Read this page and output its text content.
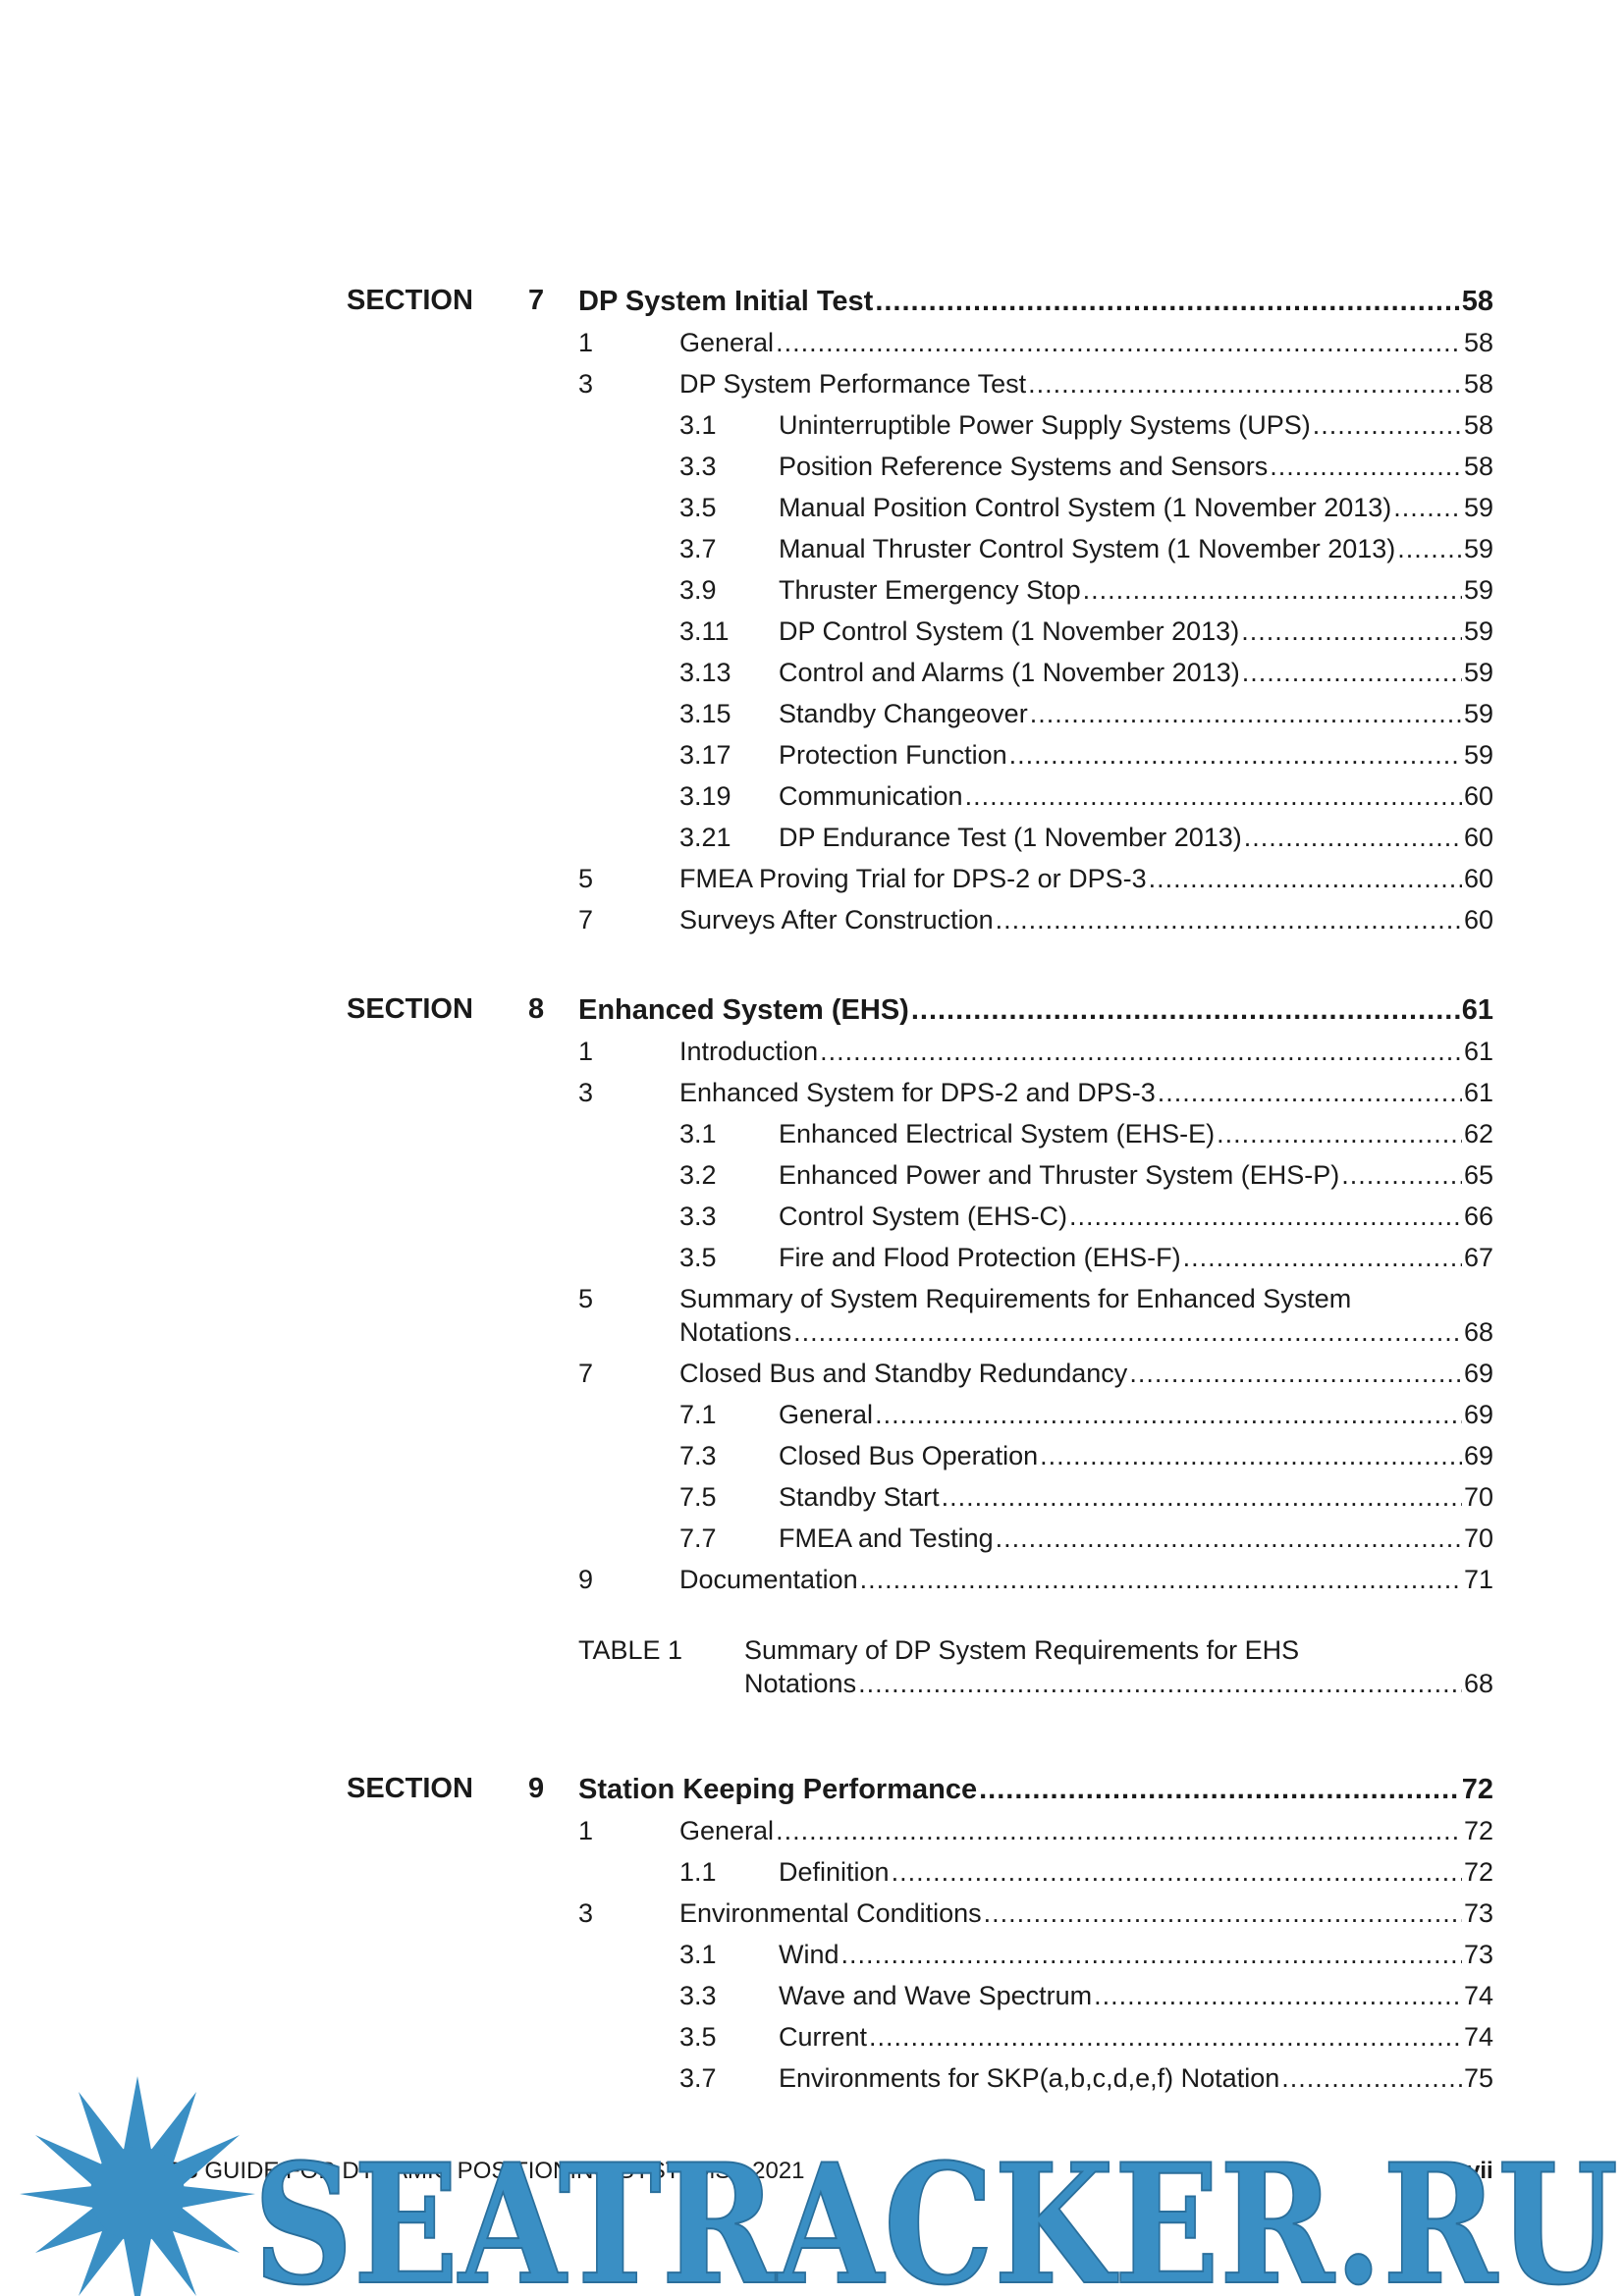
SECTION 7 DP System Initial Test .....	58
1	General .....	58
3	DP System Performance Test .....	58
3.1	Uninterruptible Power Supply Systems (UPS) .....	58
3.3	Position Reference Systems and Sensors .....	58
3.5	Manual Position Control System (1 November 2013) .....	59
3.7	Manual Thruster Control System (1 November 2013) .....	59
3.9	Thruster Emergency Stop .....	59
3.11	DP Control System (1 November 2013) .....	59
3.13	Control and Alarms (1 November 2013) .....	59
3.15	Standby Changeover .....	59
3.17	Protection Function .....	59
3.19	Communication .....	60
3.21	DP Endurance Test (1 November 2013) .....	60
5	FMEA Proving Trial for DPS-2 or DPS-3 .....	60
7	Surveys After Construction .....	60
SECTION 8 Enhanced System (EHS) .....	61
1	Introduction .....	61
3	Enhanced System for DPS-2 and DPS-3 .....	61
3.1	Enhanced Electrical System (EHS-E) .....	62
3.2	Enhanced Power and Thruster System (EHS-P) .....	65
3.3	Control System (EHS-C) .....	66
3.5	Fire and Flood Protection (EHS-F) .....	67
5	Summary of System Requirements for Enhanced System
Notations .....	68
7	Closed Bus and Standby Redundancy .....	69
7.1	General .....	69
7.3	Closed Bus Operation .....	69
7.5	Standby Start .....	70
7.7	FMEA and Testing .....	70
9	Documentation .....	71
TABLE 1 Summary of DP System Requirements for EHS
Notations .....	68
SECTION 9 Station Keeping Performance .....	72
1	General .....	72
1.1	Definition .....	72
3	Environmental Conditions .....	73
3.1	Wind .....	73
3.3	Wave and Wave Spectrum .....	74
3.5	Current .....	74
3.7	Environments for SKP(a,b,c,d,e,f) Notation .....	75
GUIDE FOR DYNAMIC POSITIONING SYSTEMS • 2021	vii
SEATRACKER.RU
